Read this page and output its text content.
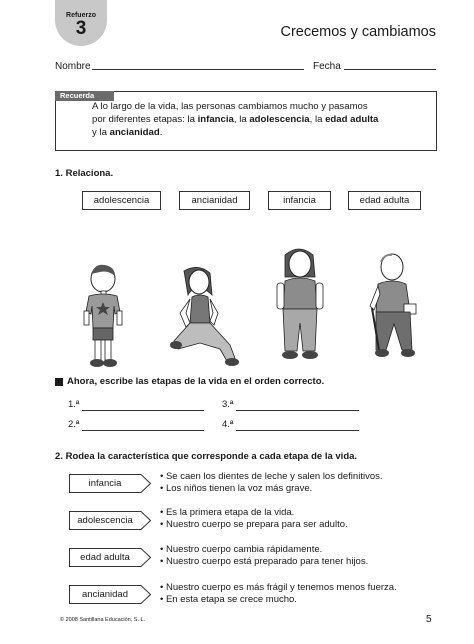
Refuerzo
3	Crecemos y cambiamos
Nombre	Fecha
Recuerda
A lo largo de la vida, las personas cambiamos mucho y pasamos
por diferentes etapas: la infancia, la adolescencia, la edad adulta
y la ancianidad.
1. Relaciona.
adolescencia	ancianidad	infancia	edad adulta
Ahora, escribe las etapas de la vida en el orden correcto.
1.ª	3.ª
2.ª	4.ª
2. Rodea la característica que corresponde a cada etapa de la vida.
infancia
• Se caen los dientes de leche y salen los definitivos.
• Los niños tienen la voz más grave.
adolescencia
• Es la primera etapa de la vida.
• Nuestro cuerpo se prepara para ser adulto.
edad adulta
• Nuestro cuerpo cambia rápidamente.
• Nuestro cuerpo está preparado para tener hijos.
ancianidad
• Nuestro cuerpo es más frágil y tenemos menos fuerza.
• En esta etapa se crece mucho.
© 2008 Santillana Educación, S. L.	5
